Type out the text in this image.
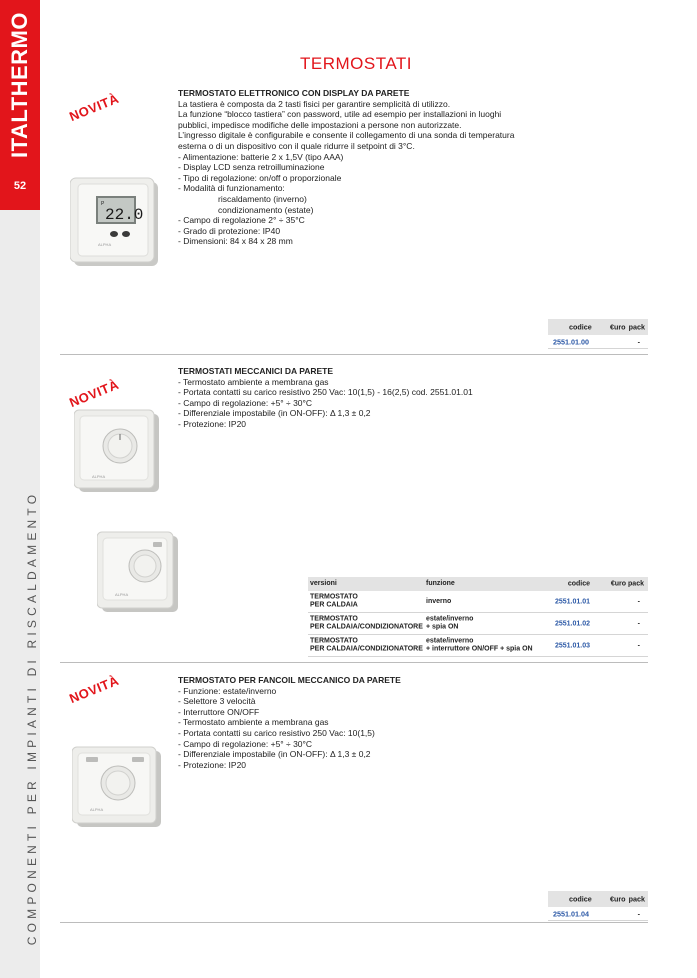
ITALTHERMO
52
COMPONENTI PER IMPIANTI DI RISCALDAMENTO
TERMOSTATI
NOVITÀ
NOVITÀ
NOVITÀ
P
22.0
ALPHA
TERMOSTATO ELETTRONICO CON DISPLAY DA PARETE
La tastiera è composta da 2 tasti fisici per garantire semplicità di utilizzo.
La funzione “blocco tastiera” con password, utile ad esempio per installazioni in luoghi
pubblici, impedisce modifiche delle impostazioni a persone non autorizzate.
L’ingresso digitale è configurabile e consente il collegamento di una sonda di temperatura
esterna o di un dispositivo con il quale ridurre il setpoint di 3°C.
- Alimentazione: batterie 2 x 1,5V (tipo AAA)
- Display LCD senza retroilluminazione
- Tipo di regolazione: on/off o proporzionale
- Modalità di funzionamento:
riscaldamento (inverno)
condizionamento (estate)
- Campo di regolazione 2° ÷ 35°C
- Grado di protezione: IP40
- Dimensioni: 84 x 84 x 28 mm
codice	€uro pack
2551.01.00	-
ALPHA
ALPHA
TERMOSTATI MECCANICI DA PARETE
- Termostato ambiente a membrana gas
- Portata contatti su carico resistivo 250 Vac: 10(1,5) - 16(2,5) cod. 2551.01.01
- Campo di regolazione: +5° ÷ 30°C
- Differenziale impostabile (in ON-OFF): Δ 1,3 ± 0,2
- Protezione: IP20
versioni	funzione	codice	€uro pack
TERMOSTATO
PER CALDAIA
inverno	2551.01.01	-
TERMOSTATO
PER CALDAIA/CONDIZIONATORE
estate/inverno
+ spia ON	2551.01.02	-
TERMOSTATO
PER CALDAIA/CONDIZIONATORE
estate/inverno
+ interruttore ON/OFF + spia ON	2551.01.03	-
ALPHA
TERMOSTATO PER FANCOIL MECCANICO DA PARETE
- Funzione: estate/inverno
- Selettore 3 velocità
- Interruttore ON/OFF
- Termostato ambiente a membrana gas
- Portata contatti su carico resistivo 250 Vac: 10(1,5)
- Campo di regolazione: +5° ÷ 30°C
- Differenziale impostabile (in ON-OFF): Δ 1,3 ± 0,2
- Protezione: IP20
codice	€uro pack
2551.01.04	-
